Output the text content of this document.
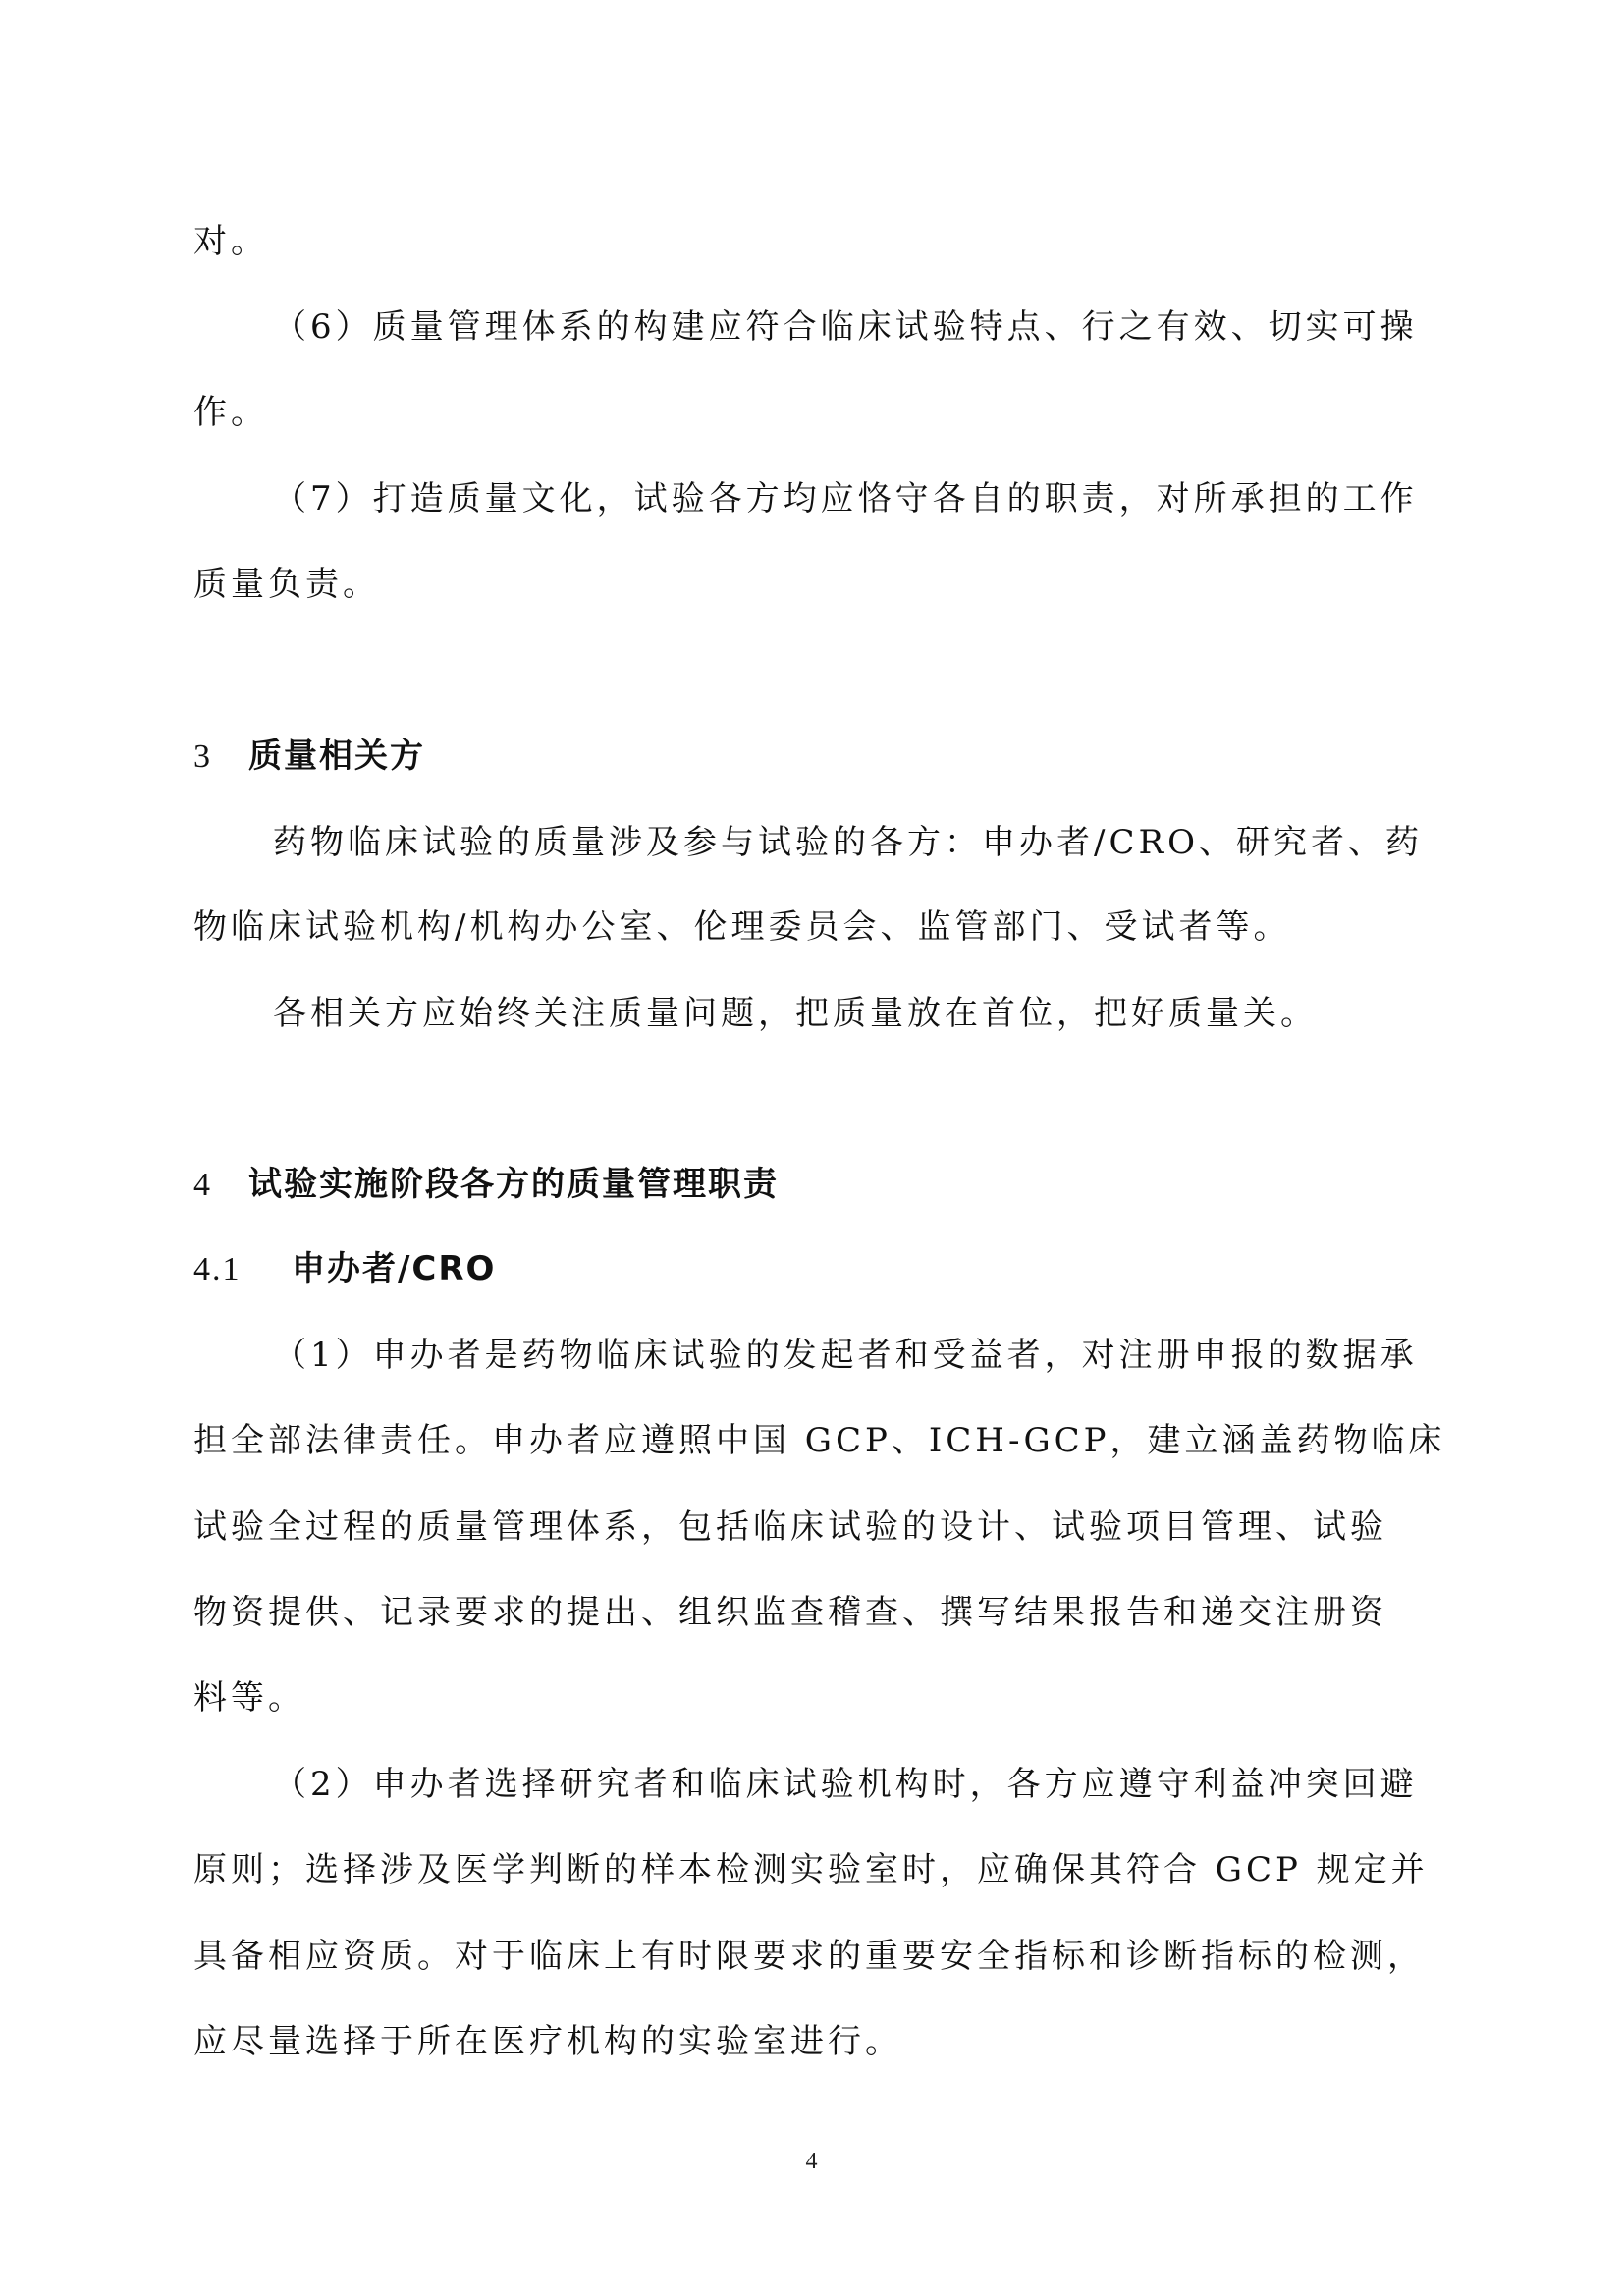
对。
（6）质量管理体系的构建应符合临床试验特点、行之有效、切实可操
作。
（7）打造质量文化，试验各方均应恪守各自的职责，对所承担的工作
质量负责。
3 质量相关方
药物临床试验的质量涉及参与试验的各方：申办者/CRO、研究者、药
物临床试验机构/机构办公室、伦理委员会、监管部门、受试者等。
各相关方应始终关注质量问题，把质量放在首位，把好质量关。
4 试验实施阶段各方的质量管理职责
4.1 申办者/CRO
（1）申办者是药物临床试验的发起者和受益者，对注册申报的数据承
担全部法律责任。申办者应遵照中国 GCP、ICH-GCP，建立涵盖药物临床
试验全过程的质量管理体系，包括临床试验的设计、试验项目管理、试验
物资提供、记录要求的提出、组织监查稽查、撰写结果报告和递交注册资
料等。
（2）申办者选择研究者和临床试验机构时，各方应遵守利益冲突回避
原则；选择涉及医学判断的样本检测实验室时，应确保其符合 GCP 规定并
具备相应资质。对于临床上有时限要求的重要安全指标和诊断指标的检测，
应尽量选择于所在医疗机构的实验室进行。
4
